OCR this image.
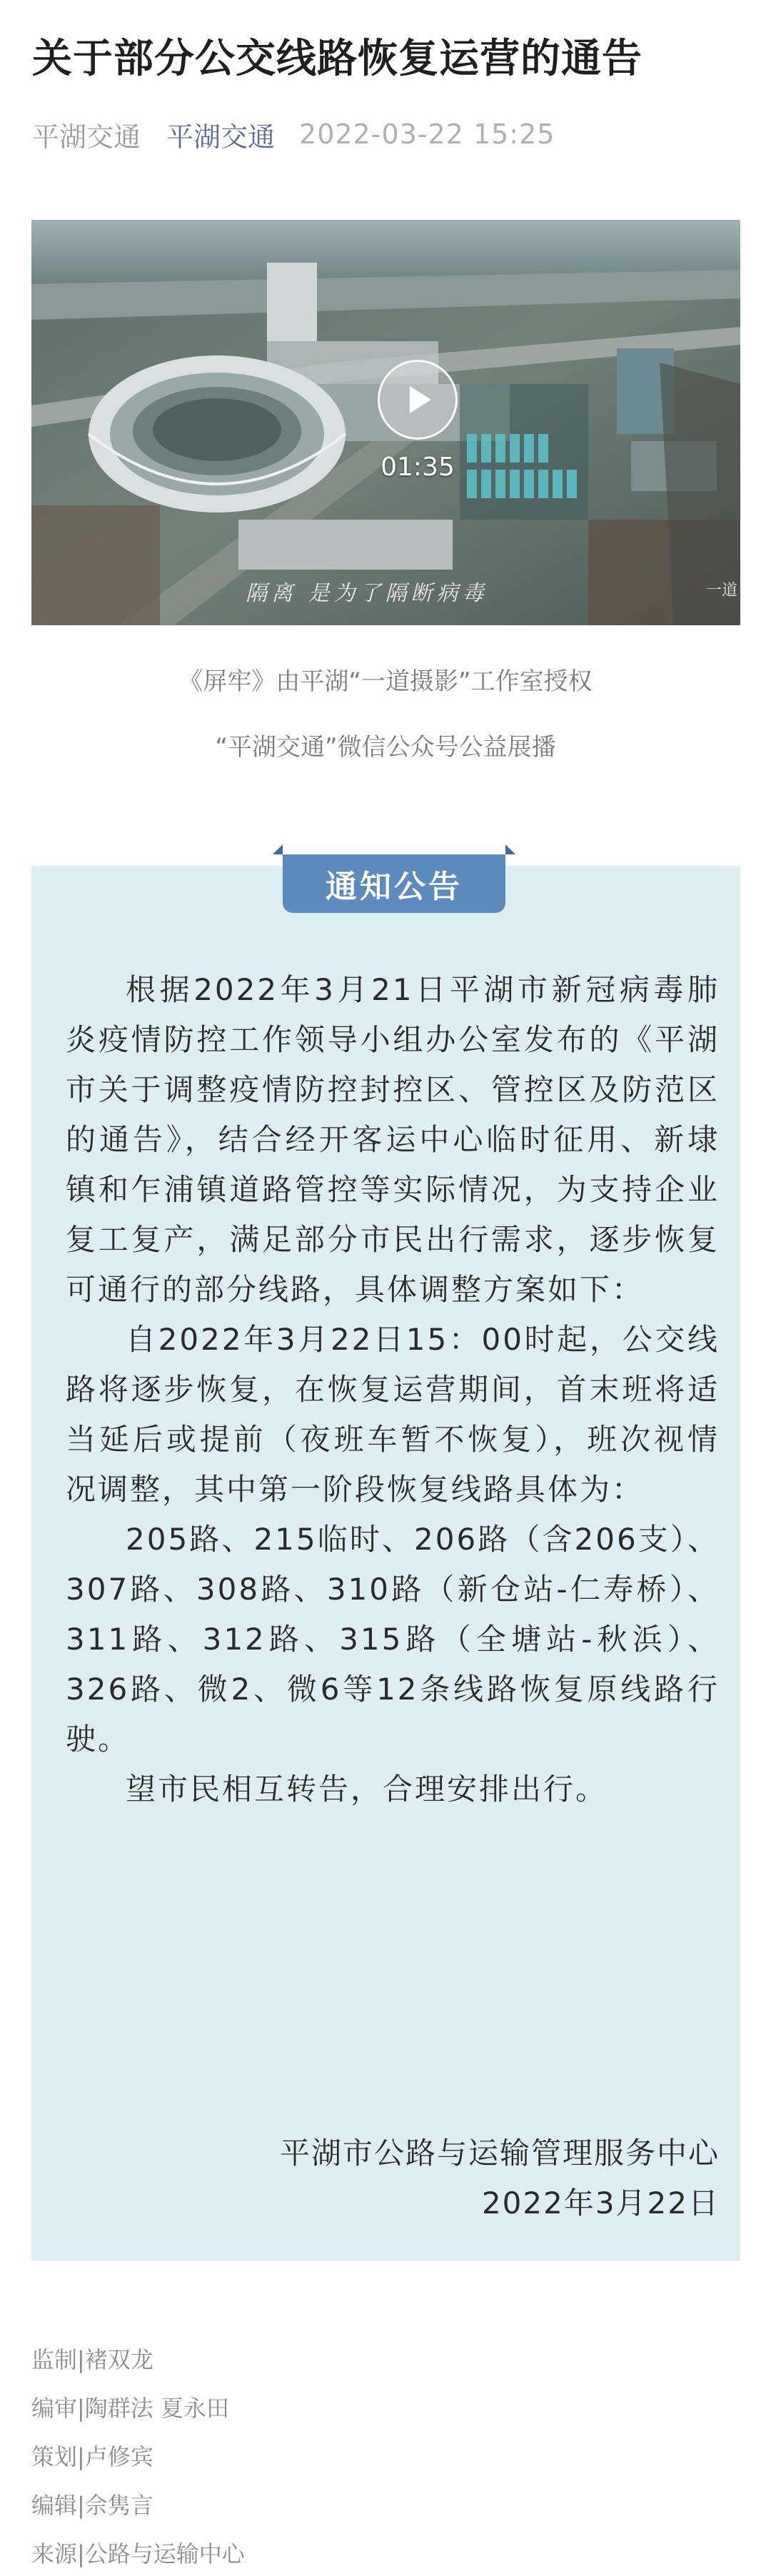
关于部分公交线路恢复运营的通告
平湖交通 平湖交通 2022-03-22 15:25
01:35
隔离 是为了隔断病毒	一道
《屏牢》由平湖“一道摄影”工作室授权
“平湖交通”微信公众号公益展播
通知公告

根据2022年3月21日平湖市新冠病毒肺炎疫情防控工作领导小组办公室发布的《平湖市关于调整疫情防控封控区、管控区及防范区的通告》，结合经开客运中心临时征用、新埭镇和乍浦镇道路管控等实际情况，为支持企业复工复产，满足部分市民出行需求，逐步恢复可通行的部分线路，具体调整方案如下：

自2022年3月22日15：00时起，公交线路将逐步恢复，在恢复运营期间，首末班将适当延后或提前（夜班车暂不恢复），班次视情况调整，其中第一阶段恢复线路具体为：

205路、215临时、206路（含206支）、307路、308路、310路（新仓站-仁寿桥）、311路、312路、315路（全塘站-秋浜）、326路、微2、微6等12条线路恢复原线路行驶。

望市民相互转告，合理安排出行。

平湖市公路与运输管理服务中心
2022年3月22日
监制|褚双龙
编审|陶群法 夏永田
策划|卢修宾
编辑|佘隽言
来源|公路与运输中心
